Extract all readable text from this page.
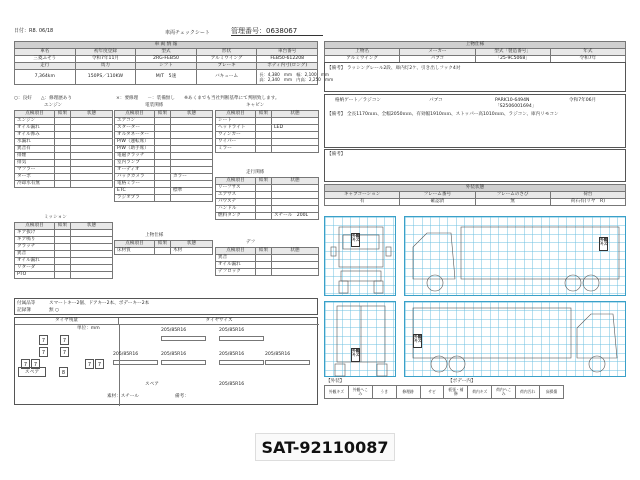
日付：R8. 06/18	車両チェックシート	管理番号：0638067
車 両 情 報				
車名	初年度登録	型式	形状	車台番号
三菱ふそう	令和7年11月	2RG-FEB50	アルミウイング	FEB50-612208
走行	馬力	シフト	ブレーキ	ボディ内寸(ロング)
7,364km	150PS／110KW	M/T　5速	バキューム	長：4,380　mm　幅：2,100　mm
高：2,340　mm　内高：2,250　mm
○：良好　　△：修理歴あり	×：要修理　　－：装備無し　　※あくまでも当社判断基準にて判断致します。
エンジン
点検項目	結果	状態
エンジン		
オイル漏れ		
オイル滲み		
水漏れ		
異音有		
排煙		
排気		
マフラー		
ターボ		
冷却水有無		
電装関係
点検項目	結果	状態
エアコン		
スターター		
オルタネーター		
P/W（運転席）		
P/W（助手席）		
電磁クラッチ		
室内ランプ		
オーディオ		
バックカメラ		カラー
電格ミラー		
ETC		標準
ラジオプラ		
キャビン
点検項目	結果	状態
シート		
ヘッドライト		LED
ウィンカー		
ワイパー		
ミラー		
走行関係
点検項目	結果	状態
リーフサス		
エアサス		
パワステ		
ハンドル		
燃料タンク		スチール　200L
ミッション
点検項目	結果	状態
ギア抜け		
ギア鳴り		
クラッチ		
異音		
オイル漏れ		
リターダ		
PTO		
上物仕様
点検項目	結果	状態
床材質		木材
デフ
点検項目	結果	状態
異音		
オイル漏れ		
デフロック		
付属品等	スマートキー2個、ドアキー2本、ボデーキー2本
記録簿	無 ○
タイヤ残量	タイヤサイズ
単位：mm
7	7
7	7
7	7	7	7
スペア	8
205/85R16	205/85R16
205/85R16	205/85R16	205/85R16	205/85R16
スペア	205/85R16
素材：スチール	備考：
上物仕様			
上物名	メーカー	型式「製造番号」	年式
アルミウイング	パブコ	「25-9C5068」	令和7年
【備考】 ラッシングレール2段、庫内灯2ケ、引き出しフック4対
格納ゲート／ラジコン	パブコ	PARK10-6494N
「S2506001694」
令和7年06月
【備考】 全長1170ｍｍ、全幅2050ｍｍ、有効幅1910ｍｍ、ストッパー高1010ｍｍ、ラジコン、庫内リモコン
【備考】
外装状態			
キャブコーション	フレーム番号	フレームのさび	荷台
有	確認済	無	荷石有(リヤ　R)
外観
キズ	外観
キズ
外観
キズ
外観
キズ
【外装】	【ボデー内】
外観キズ	外観へこみ	うき	修理跡	サビ	板張・補修	荷内キズ	荷内へこみ	荷内汚れ	床損傷
SAT-92110087
